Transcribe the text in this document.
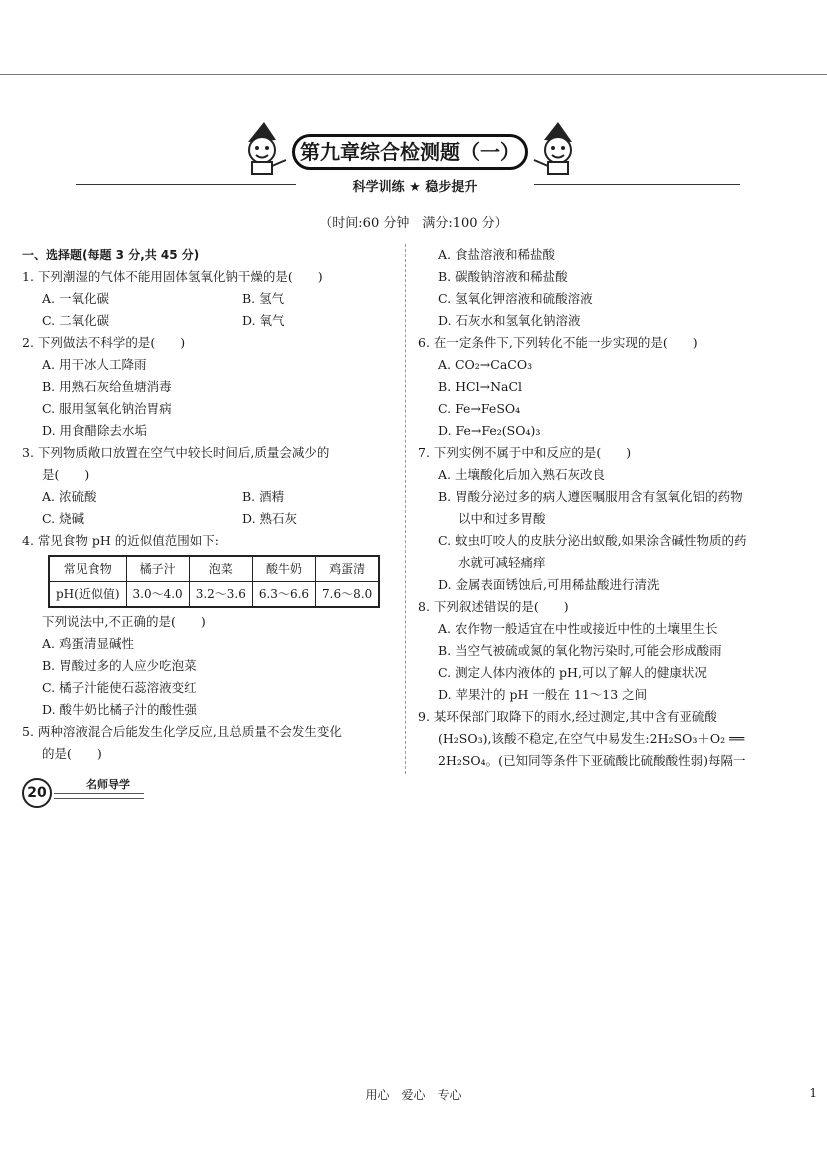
第九章综合检测题（一）
科学训练 ★ 稳步提升
（时间:60 分钟　满分:100 分）
一、选择题(每题 3 分,共 45 分)
1. 下列潮湿的气体不能用固体氢氧化钠干燥的是(　　)
A. 一氧化碳	B. 氢气
C. 二氧化碳	D. 氧气
2. 下列做法不科学的是(　　)
A. 用干冰人工降雨
B. 用熟石灰给鱼塘消毒
C. 服用氢氧化钠治胃病
D. 用食醋除去水垢
3. 下列物质敞口放置在空气中较长时间后,质量会减少的
是(　　)
A. 浓硫酸	B. 酒精
C. 烧碱	D. 熟石灰
4. 常见食物 pH 的近似值范围如下:
常见食物	橘子汁	泡菜	酸牛奶	鸡蛋清
pH(近似值)	3.0～4.0	3.2～3.6	6.3～6.6	7.6～8.0
下列说法中,不正确的是(　　)
A. 鸡蛋清显碱性
B. 胃酸过多的人应少吃泡菜
C. 橘子汁能使石蕊溶液变红
D. 酸牛奶比橘子汁的酸性强
5. 两种溶液混合后能发生化学反应,且总质量不会发生变化
的是(　　)
A. 食盐溶液和稀盐酸
B. 碳酸钠溶液和稀盐酸
C. 氢氧化钾溶液和硫酸溶液
D. 石灰水和氢氧化钠溶液
6. 在一定条件下,下列转化不能一步实现的是(　　)
A. CO₂→CaCO₃
B. HCl→NaCl
C. Fe→FeSO₄
D. Fe→Fe₂(SO₄)₃
7. 下列实例不属于中和反应的是(　　)
A. 土壤酸化后加入熟石灰改良
B. 胃酸分泌过多的病人遵医嘱服用含有氢氧化铝的药物
以中和过多胃酸
C. 蚊虫叮咬人的皮肤分泌出蚁酸,如果涂含碱性物质的药
水就可减轻痛痒
D. 金属表面锈蚀后,可用稀盐酸进行清洗
8. 下列叙述错误的是(　　)
A. 农作物一般适宜在中性或接近中性的土壤里生长
B. 当空气被硫或氮的氧化物污染时,可能会形成酸雨
C. 测定人体内液体的 pH,可以了解人的健康状况
D. 苹果汁的 pH 一般在 11～13 之间
9. 某环保部门取降下的雨水,经过测定,其中含有亚硫酸
(H₂SO₃),该酸不稳定,在空气中易发生:2H₂SO₃＋O₂ ══
2H₂SO₄。(已知同等条件下亚硫酸比硫酸酸性弱)每隔一
20
名师导学
用心　爱心　专心	1
